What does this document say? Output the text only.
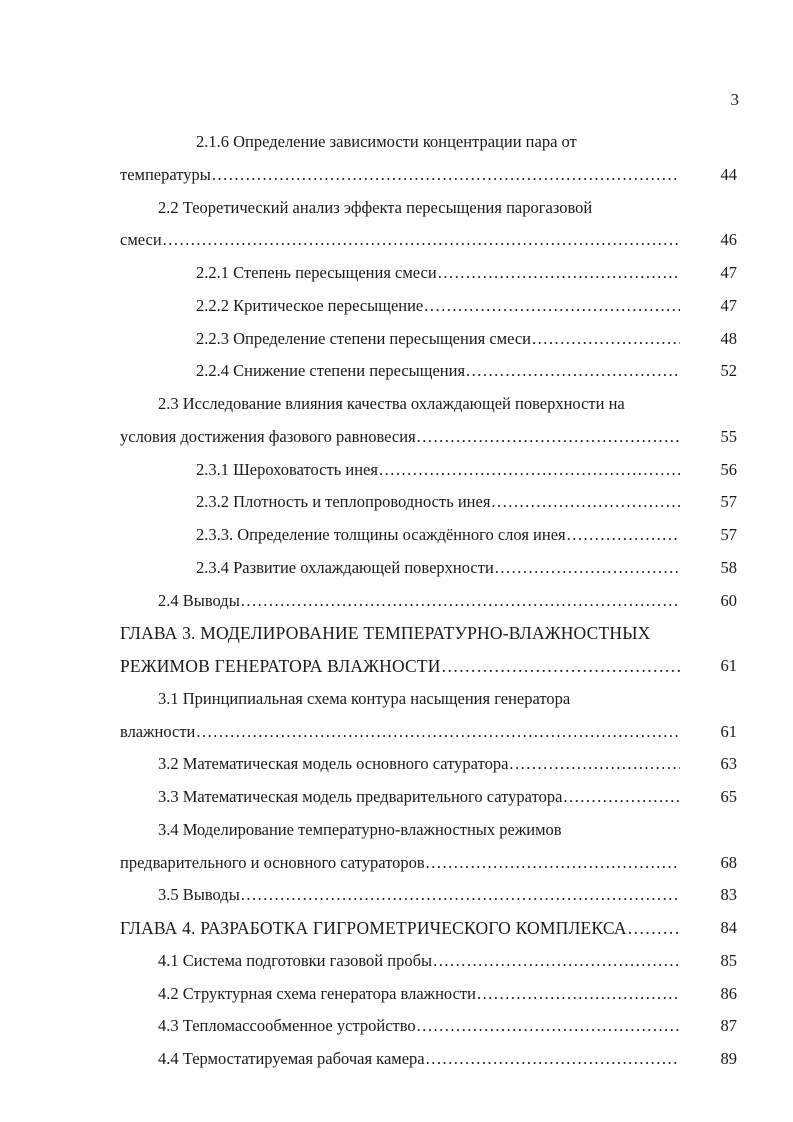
3
2.1.6 Определение зависимости концентрации пара от
44
температуры
.....
2.2 Теоретический анализ эффекта пересыщения парогазовой
46
смеси
.....
47
2.2.1 Степень пересыщения смеси
.....
47
2.2.2 Критическое пересыщение
.....
48
2.2.3 Определение степени пересыщения смеси
.....
52
2.2.4 Снижение степени пересыщения
.....
2.3 Исследование влияния качества охлаждающей поверхности на
55
условия достижения фазового равновесия
.....
56
2.3.1 Шероховатость инея
.....
57
2.3.2 Плотность и теплопроводность инея
.....
57
2.3.3. Определение толщины осаждённого слоя инея
.....
58
2.3.4 Развитие охлаждающей поверхности
.....
60
2.4 Выводы
.....
ГЛАВА 3. МОДЕЛИРОВАНИЕ ТЕМПЕРАТУРНО-ВЛАЖНОСТНЫХ
61
РЕЖИМОВ ГЕНЕРАТОРА ВЛАЖНОСТИ
.....
3.1 Принципиальная схема контура насыщения генератора
61
влажности
.....
63
3.2 Математическая модель основного сатуратора
.....
65
3.3 Математическая модель предварительного сатуратора
.....
3.4 Моделирование температурно-влажностных режимов
68
предварительного и основного сатураторов
.....
83
3.5 Выводы
.....
84
ГЛАВА 4. РАЗРАБОТКА ГИГРОМЕТРИЧЕСКОГО КОМПЛЕКСА
.....
85
4.1 Система подготовки газовой пробы
.....
86
4.2 Структурная схема генератора влажности
.....
87
4.3 Тепломассообменное устройство
.....
89
4.4 Термостатируемая рабочая камера
.....
